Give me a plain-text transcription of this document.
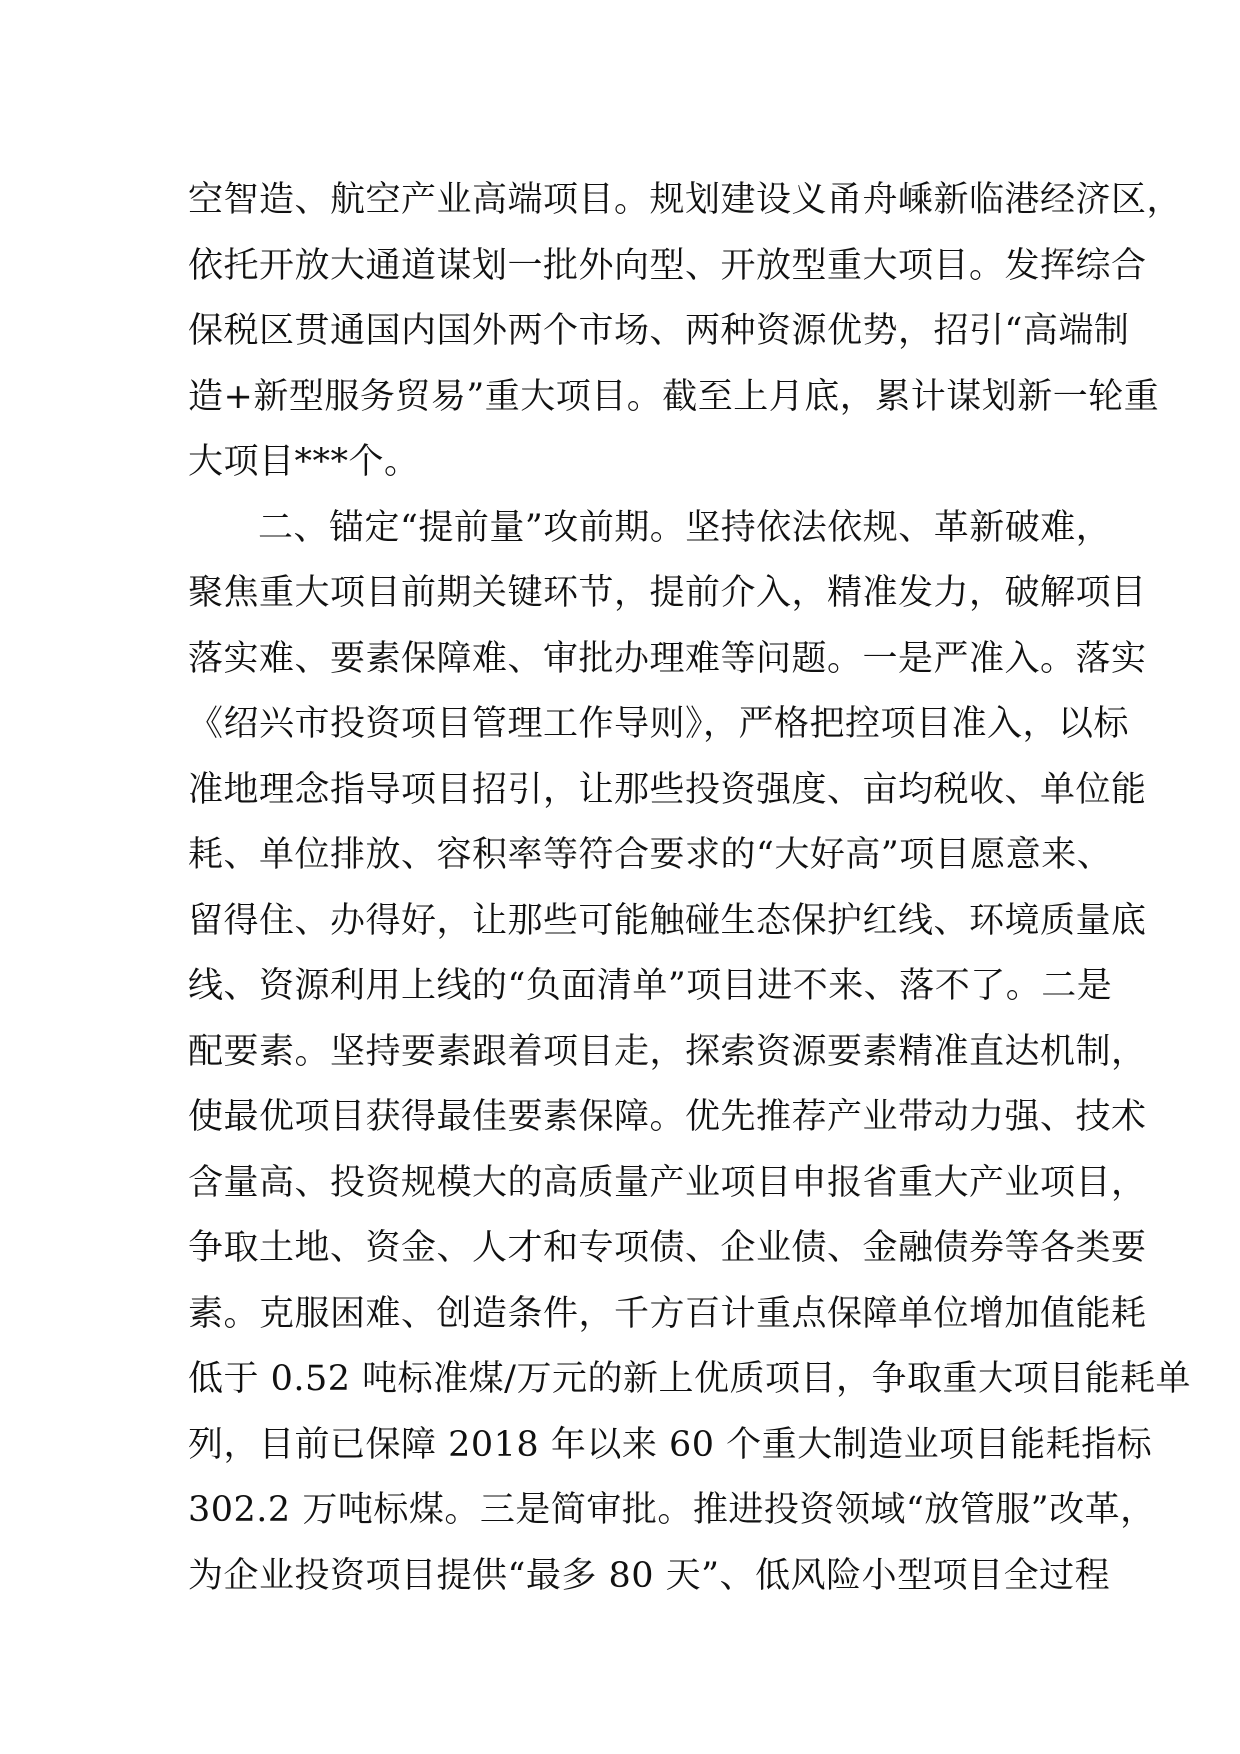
空智造、航空产业高端项目。规划建设义甬舟嵊新临港经济区，
依托开放大通道谋划一批外向型、开放型重大项目。发挥综合
保税区贯通国内国外两个市场、两种资源优势，招引“高端制
造+新型服务贸易”重大项目。截至上月底，累计谋划新一轮重
大项目***个。
二、锚定“提前量”攻前期。坚持依法依规、革新破难，
聚焦重大项目前期关键环节，提前介入，精准发力，破解项目
落实难、要素保障难、审批办理难等问题。一是严准入。落实
《绍兴市投资项目管理工作导则》，严格把控项目准入，以标
准地理念指导项目招引，让那些投资强度、亩均税收、单位能
耗、单位排放、容积率等符合要求的“大好高”项目愿意来、
留得住、办得好，让那些可能触碰生态保护红线、环境质量底
线、资源利用上线的“负面清单”项目进不来、落不了。二是
配要素。坚持要素跟着项目走，探索资源要素精准直达机制，
使最优项目获得最佳要素保障。优先推荐产业带动力强、技术
含量高、投资规模大的高质量产业项目申报省重大产业项目，
争取土地、资金、人才和专项债、企业债、金融债券等各类要
素。克服困难、创造条件，千方百计重点保障单位增加值能耗
低于 0.52 吨标准煤/万元的新上优质项目，争取重大项目能耗单
列，目前已保障 2018 年以来 60 个重大制造业项目能耗指标
302.2 万吨标煤。三是简审批。推进投资领域“放管服”改革，
为企业投资项目提供“最多 80 天”、低风险小型项目全过程
